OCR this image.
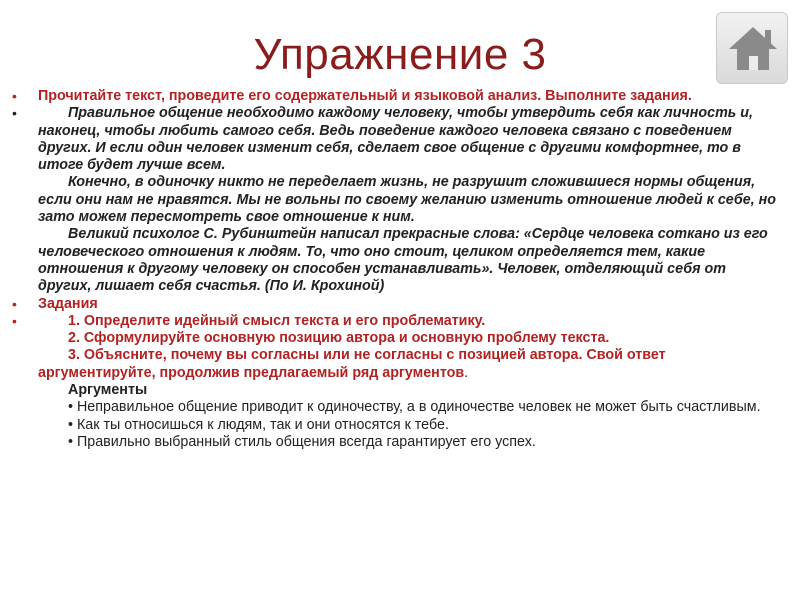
Упражнение 3
• Прочитайте текст, проведите его содержательный и языковой анализ. Выполните задания.
•	Правильное общение необходимо каждому человеку, чтобы утвердить себя как личность и, наконец, чтобы любить самого себя. Ведь поведение каждого человека связано с поведением других. И если один человек изменит себя, сделает свое общение с другими комфортнее, то в итоге будет лучше всем.
Конечно, в одиночку никто не переделает жизнь, не разрушит сложившиеся нормы общения, если они нам не нравятся. Мы не вольны по своему желанию изменить отношение людей к себе, но зато можем пересмотреть свое отношение к ним.
Великий психолог С. Рубинштейн написал прекрасные слова: «Сердце человека соткано из его человеческого отношения к людям. То, что оно стоит, целиком определяется тем, какие отношения к другому человеку он способен устанавливать». Человек, отделяющий себя от других, лишает себя счастья. (По И. Крохиной)
• Задания
•	1. Определите идейный смысл текста и его проблематику.
2. Сформулируйте основную позицию автора и основную проблему текста.
3. Объясните, почему вы согласны или не согласны с позицией автора. Свой ответ аргументируйте, продолжив предлагаемый ряд аргументов.
Аргументы
• Неправильное общение приводит к одиночеству, а в одиночестве человек не может быть счастливым.
• Как ты относишься к людям, так и они относятся к тебе.
• Правильно выбранный стиль общения всегда гарантирует его успех.
